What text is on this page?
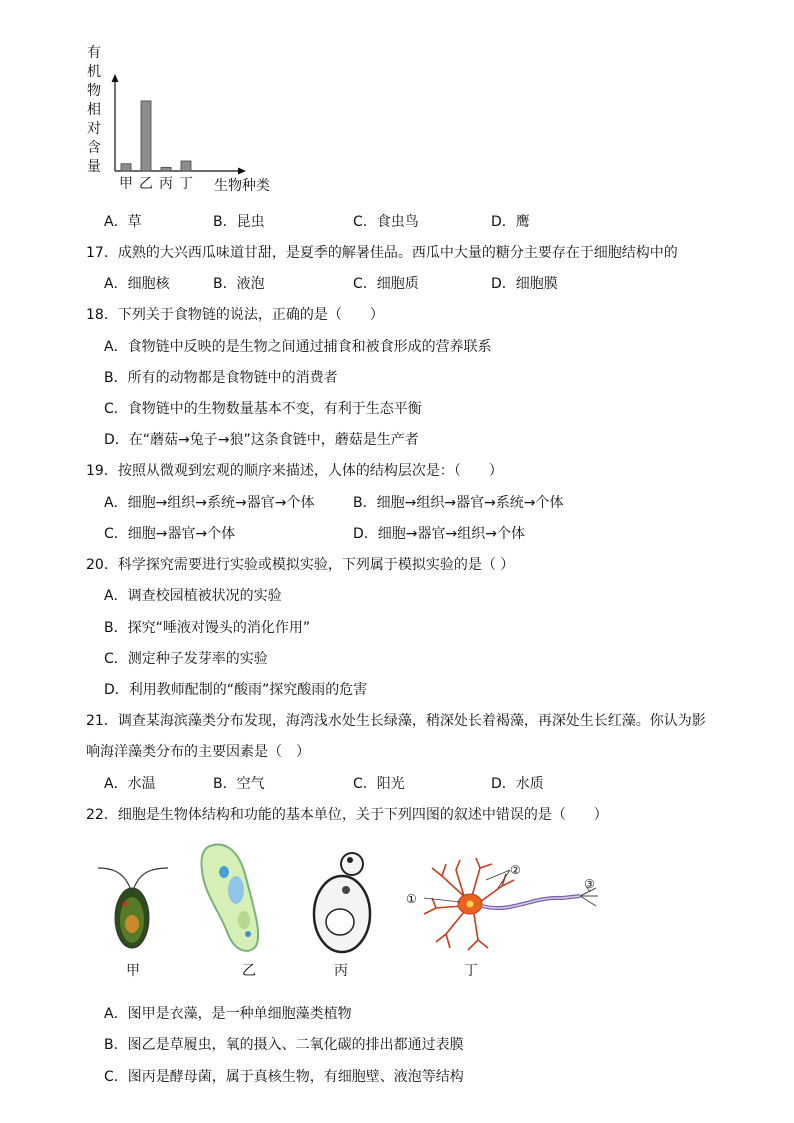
有机物相对含量
甲 乙 丙 丁 生物种类
A．草	B．昆虫	C．食虫鸟	D．鹰
17．成熟的大兴西瓜味道甘甜，是夏季的解暑佳品。西瓜中大量的糖分主要存在于细胞结构中的
A．细胞核	B．液泡	C．细胞质	D．细胞膜
18．下列关于食物链的说法，正确的是（　　）
A．食物链中反映的是生物之间通过捕食和被食形成的营养联系
B．所有的动物都是食物链中的消费者
C．食物链中的生物数量基本不变，有利于生态平衡
D．在“蘑菇→兔子→狼”这条食链中，蘑菇是生产者
19．按照从微观到宏观的顺序来描述，人体的结构层次是：（　　）
A．细胞→组织→系统→器官→个体	B．细胞→组织→器官→系统→个体
C．细胞→器官→个体	D．细胞→器官→组织→个体
20．科学探究需要进行实验或模拟实验，下列属于模拟实验的是（ ）
A．调查校园植被状况的实验
B．探究“唾液对馒头的消化作用”
C．测定种子发芽率的实验
D．利用教师配制的“酸雨”探究酸雨的危害
21．调查某海滨藻类分布发现，海湾浅水处生长绿藻，稍深处长着褐藻，再深处生长红藻。你认为影
响海洋藻类分布的主要因素是（　）
A．水温	B．空气	C．阳光	D．水质
22．细胞是生物体结构和功能的基本单位，关于下列四图的叙述中错误的是（　　）
甲	乙	丙
①
②
③
丁
A．图甲是衣藻，是一种单细胞藻类植物
B．图乙是草履虫，氧的摄入、二氧化碳的排出都通过表膜
C．图丙是酵母菌，属于真核生物，有细胞壁、液泡等结构
